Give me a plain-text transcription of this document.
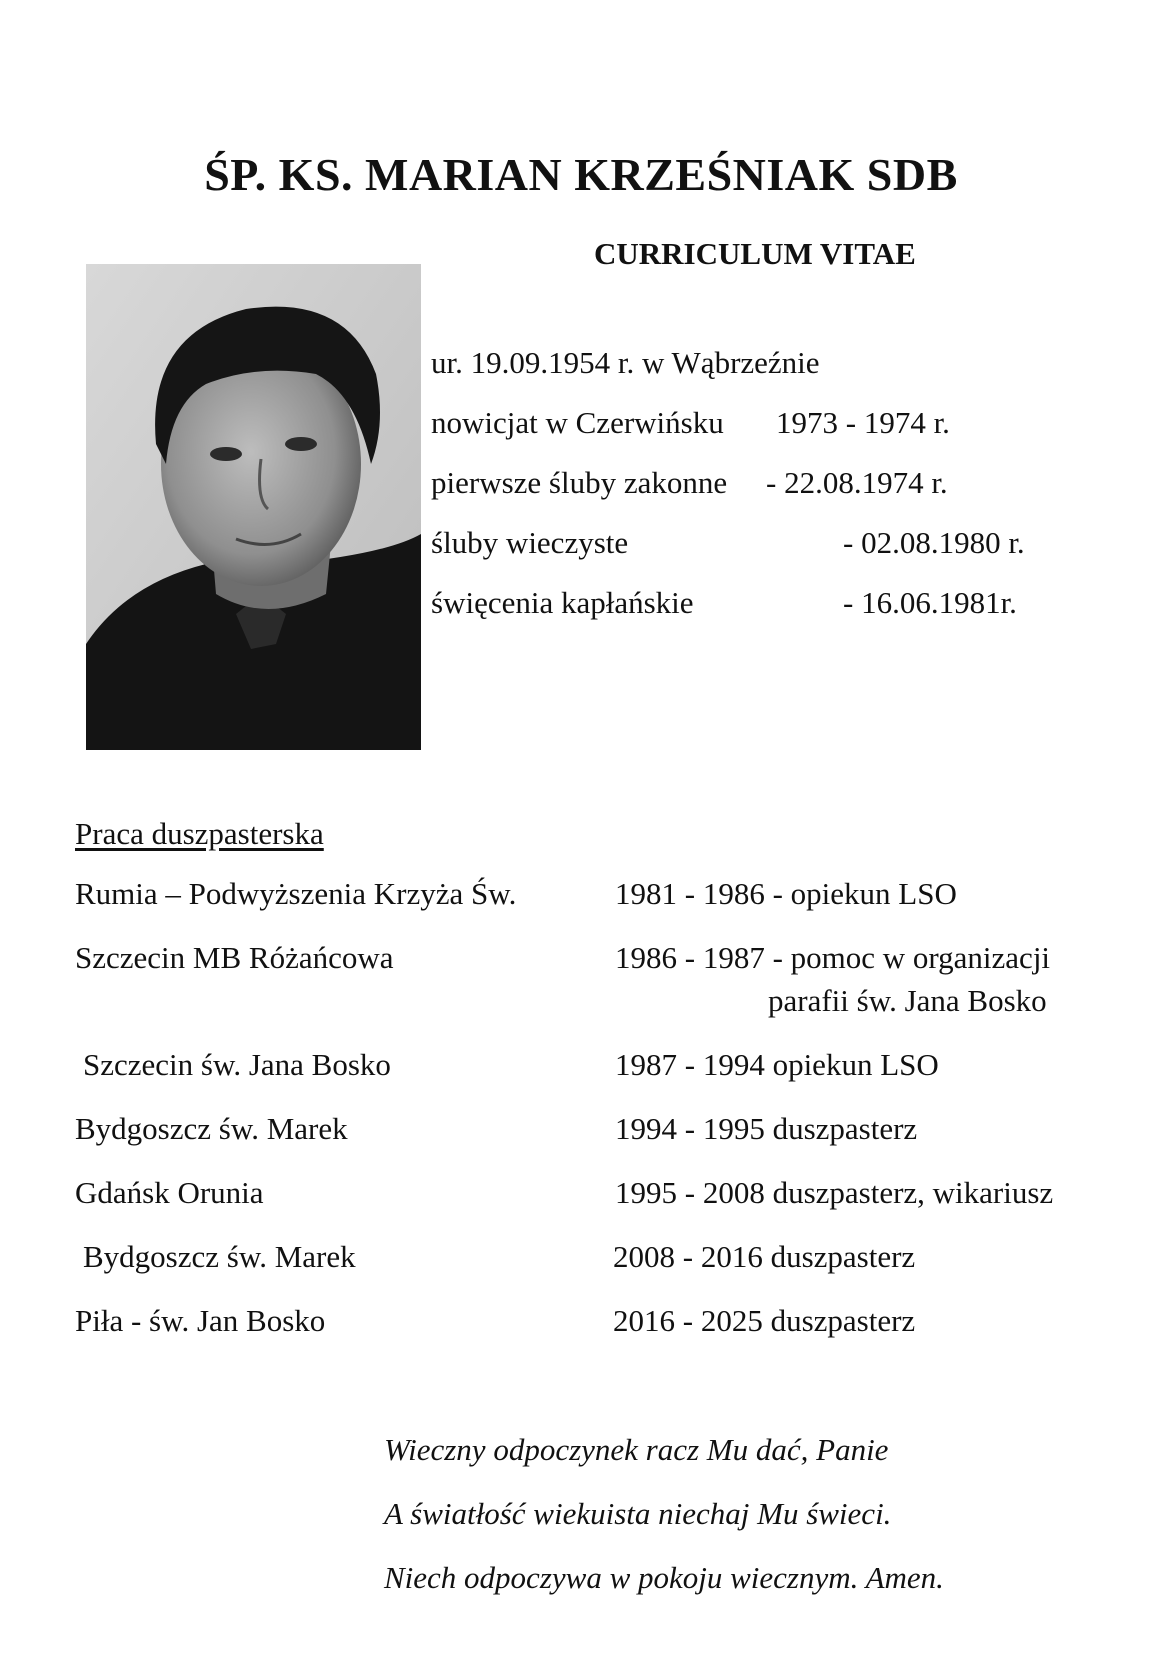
ŚP. KS. MARIAN KRZEŚNIAK SDB
CURRICULUM VITAE
ur. 19.09.1954 r. w Wąbrzeźnie
nowicjat w Czerwińsku 1973 - 1974 r.
pierwsze śluby zakonne - 22.08.1974 r.
śluby wieczyste	- 02.08.1980 r.
święcenia kapłańskie	- 16.06.1981r.
Praca duszpasterska
Rumia – Podwyższenia Krzyża Św.	1981 - 1986 - opiekun LSO
Szczecin MB Różańcowa	1986 - 1987 - pomoc w organizacji
parafii św. Jana Bosko
Szczecin św. Jana Bosko	1987 - 1994 opiekun LSO
Bydgoszcz św. Marek	1994 - 1995 duszpasterz
Gdańsk Orunia	1995 - 2008 duszpasterz, wikariusz
Bydgoszcz św. Marek	2008 - 2016 duszpasterz
Piła - św. Jan Bosko	2016 - 2025 duszpasterz
Wieczny odpoczynek racz Mu dać, Panie
A światłość wiekuista niechaj Mu świeci.
Niech odpoczywa w pokoju wiecznym. Amen.
